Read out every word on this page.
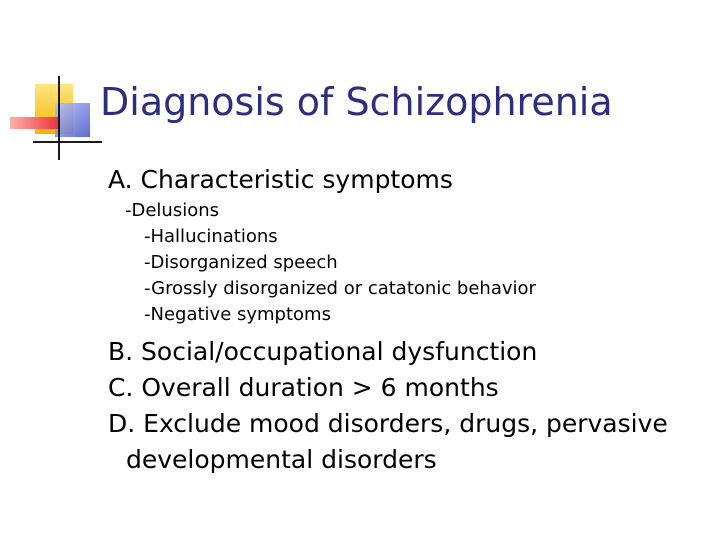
Diagnosis of Schizophrenia
A. Characteristic symptoms
-Delusions
-Hallucinations
-Disorganized speech
-Grossly disorganized or catatonic behavior
-Negative symptoms
B. Social/occupational dysfunction
C. Overall duration > 6 months
D. Exclude mood disorders, drugs, pervasive
developmental disorders
